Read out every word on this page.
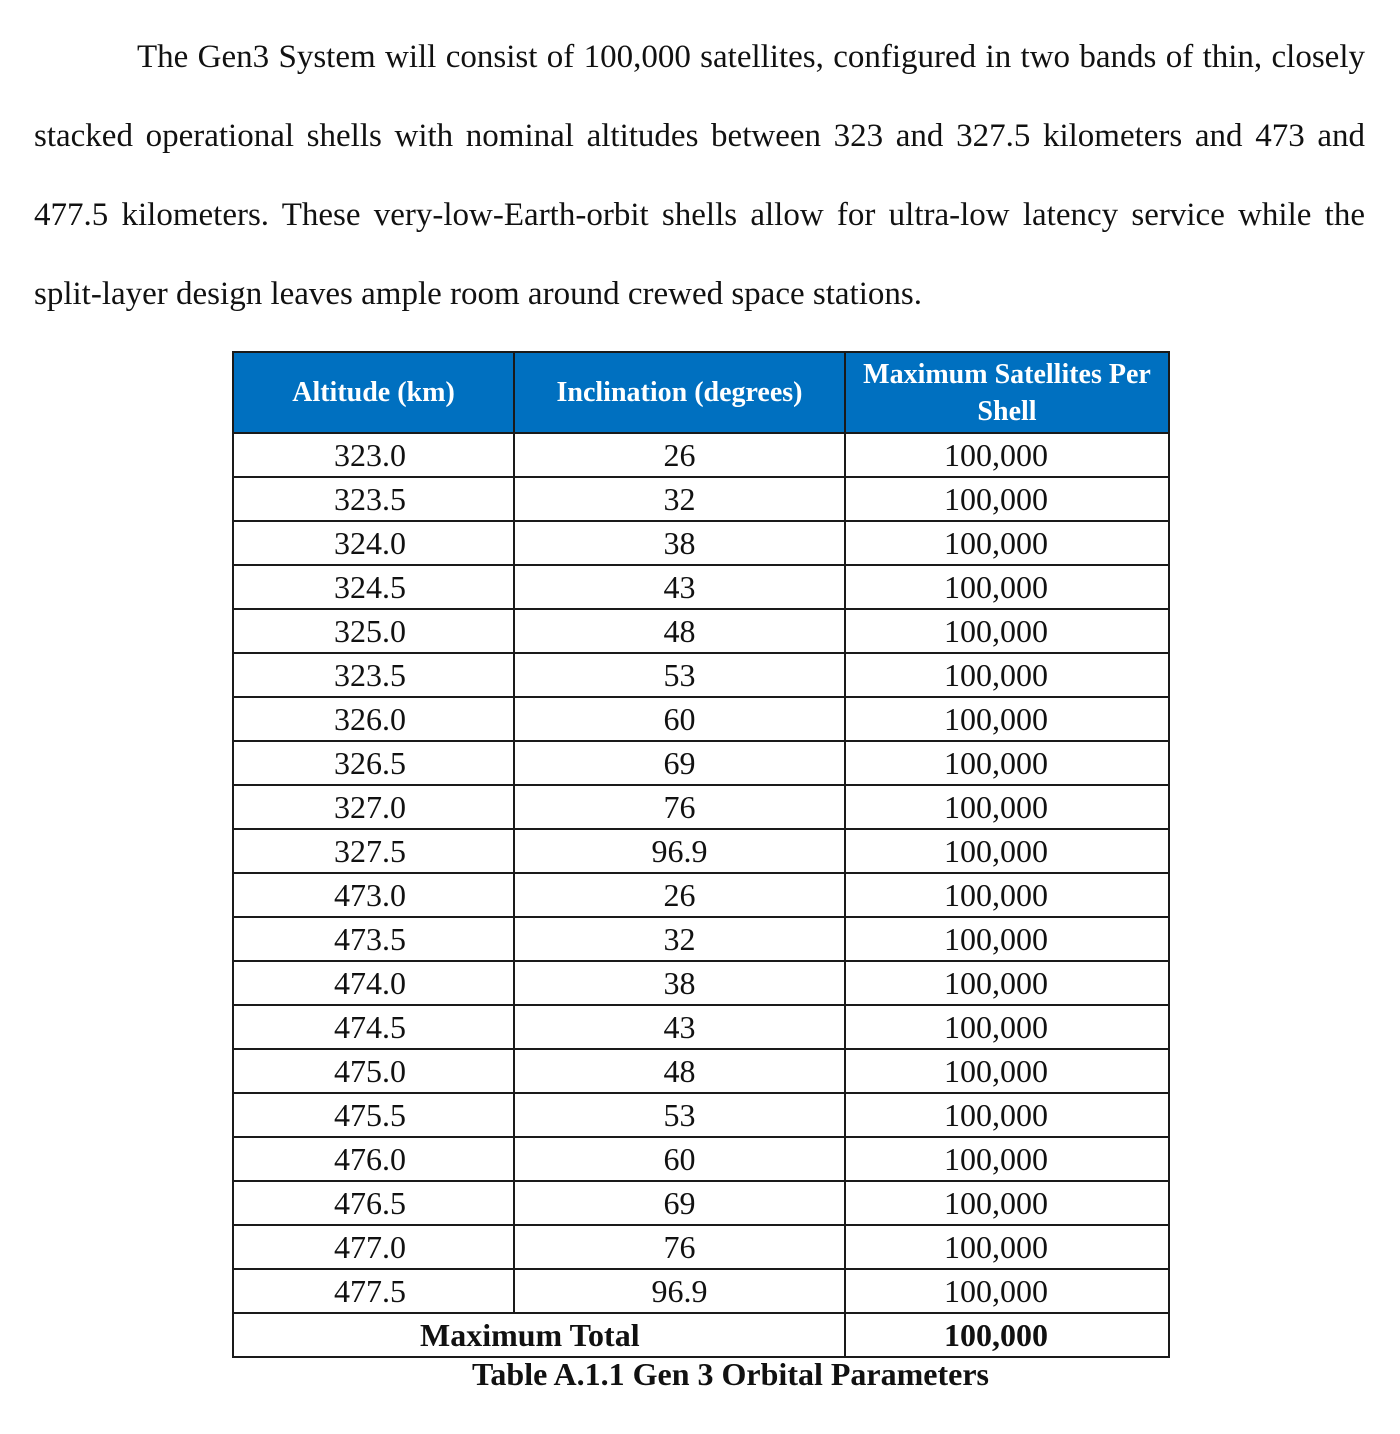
The Gen3 System will consist of 100,000 satellites, configured in two bands of thin, closely stacked operational shells with nominal altitudes between 323 and 327.5 kilometers and 473 and 477.5 kilometers. These very-low-Earth-orbit shells allow for ultra-low latency service while the split-layer design leaves ample room around crewed space stations.

Altitude (km)	Inclination (degrees)	Maximum Satellites Per Shell
323.0	26	100,000
323.5	32	100,000
324.0	38	100,000
324.5	43	100,000
325.0	48	100,000
323.5	53	100,000
326.0	60	100,000
326.5	69	100,000
327.0	76	100,000
327.5	96.9	100,000
473.0	26	100,000
473.5	32	100,000
474.0	38	100,000
474.5	43	100,000
475.0	48	100,000
475.5	53	100,000
476.0	60	100,000
476.5	69	100,000
477.0	76	100,000
477.5	96.9	100,000
Maximum Total		100,000

Table A.1.1 Gen 3 Orbital Parameters
